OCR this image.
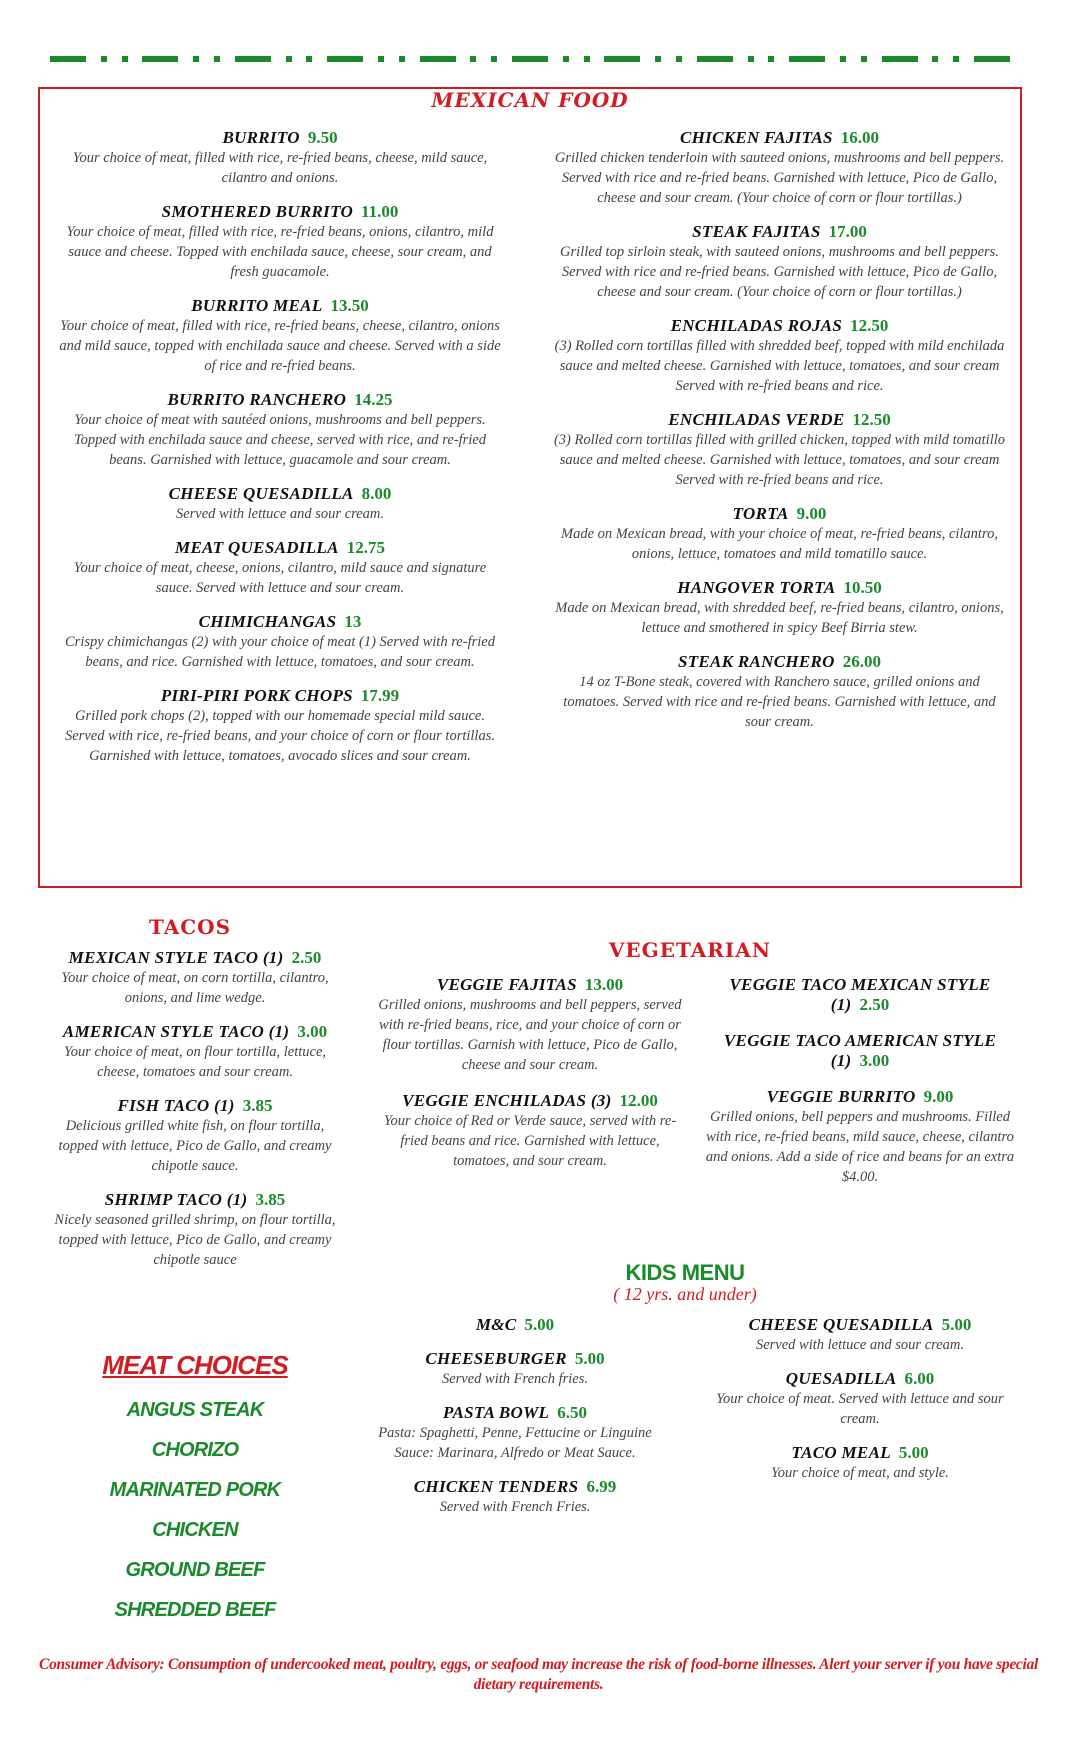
MEXICAN FOOD
BURRITO 9.50
Your choice of meat, filled with rice, re-fried beans, cheese, mild sauce, cilantro and onions.
SMOTHERED BURRITO 11.00
Your choice of meat, filled with rice, re-fried beans, onions, cilantro, mild sauce and cheese. Topped with enchilada sauce, cheese, sour cream, and fresh guacamole.
BURRITO MEAL 13.50
Your choice of meat, filled with rice, re-fried beans, cheese, cilantro, onions and mild sauce, topped with enchilada sauce and cheese. Served with a side of rice and re-fried beans.
BURRITO RANCHERO 14.25
Your choice of meat with sautéed onions, mushrooms and bell peppers. Topped with enchilada sauce and cheese, served with rice, and re-fried beans. Garnished with lettuce, guacamole and sour cream.
CHEESE QUESADILLA 8.00
Served with lettuce and sour cream.
MEAT QUESADILLA 12.75
Your choice of meat, cheese, onions, cilantro, mild sauce and signature sauce. Served with lettuce and sour cream.
CHIMICHANGAS 13
Crispy chimichangas (2) with your choice of meat (1) Served with re-fried beans, and rice. Garnished with lettuce, tomatoes, and sour cream.
PIRI-PIRI PORK CHOPS 17.99
Grilled pork chops (2), topped with our homemade special mild sauce. Served with rice, re-fried beans, and your choice of corn or flour tortillas. Garnished with lettuce, tomatoes, avocado slices and sour cream.
CHICKEN FAJITAS 16.00
Grilled chicken tenderloin with sauteed onions, mushrooms and bell peppers. Served with rice and re-fried beans. Garnished with lettuce, Pico de Gallo, cheese and sour cream. (Your choice of corn or flour tortillas.)
STEAK FAJITAS 17.00
Grilled top sirloin steak, with sauteed onions, mushrooms and bell peppers. Served with rice and re-fried beans. Garnished with lettuce, Pico de Gallo, cheese and sour cream. (Your choice of corn or flour tortillas.)
ENCHILADAS ROJAS 12.50
(3) Rolled corn tortillas filled with shredded beef, topped with mild enchilada sauce and melted cheese. Garnished with lettuce, tomatoes, and sour cream Served with re-fried beans and rice.
ENCHILADAS VERDE 12.50
(3) Rolled corn tortillas filled with grilled chicken, topped with mild tomatillo sauce and melted cheese. Garnished with lettuce, tomatoes, and sour cream Served with re-fried beans and rice.
TORTA 9.00
Made on Mexican bread, with your choice of meat, re-fried beans, cilantro, onions, lettuce, tomatoes and mild tomatillo sauce.
HANGOVER TORTA 10.50
Made on Mexican bread, with shredded beef, re-fried beans, cilantro, onions, lettuce and smothered in spicy Beef Birria stew.
STEAK RANCHERO 26.00
14 oz T-Bone steak, covered with Ranchero sauce, grilled onions and tomatoes. Served with rice and re-fried beans. Garnished with lettuce, and sour cream.
TACOS
MEXICAN STYLE TACO (1) 2.50
Your choice of meat, on corn tortilla, cilantro, onions, and lime wedge.
AMERICAN STYLE TACO (1) 3.00
Your choice of meat, on flour tortilla, lettuce, cheese, tomatoes and sour cream.
FISH TACO (1) 3.85
Delicious grilled white fish, on flour tortilla, topped with lettuce, Pico de Gallo, and creamy chipotle sauce.
SHRIMP TACO (1) 3.85
Nicely seasoned grilled shrimp, on flour tortilla, topped with lettuce, Pico de Gallo, and creamy chipotle sauce
VEGETARIAN
VEGGIE FAJITAS 13.00
Grilled onions, mushrooms and bell peppers, served with re-fried beans, rice, and your choice of corn or flour tortillas. Garnish with lettuce, Pico de Gallo, cheese and sour cream.
VEGGIE ENCHILADAS (3) 12.00
Your choice of Red or Verde sauce, served with re-fried beans and rice. Garnished with lettuce, tomatoes, and sour cream.
VEGGIE TACO MEXICAN STYLE (1) 2.50
VEGGIE TACO AMERICAN STYLE (1) 3.00
VEGGIE BURRITO 9.00
Grilled onions, bell peppers and mushrooms. Filled with rice, re-fried beans, mild sauce, cheese, cilantro and onions. Add a side of rice and beans for an extra $4.00.
KIDS MENU
( 12 yrs. and under)
M&C 5.00
CHEESEBURGER 5.00
Served with French fries.
PASTA BOWL 6.50
Pasta: Spaghetti, Penne, Fettucine or Linguine
Sauce: Marinara, Alfredo or Meat Sauce.
CHICKEN TENDERS 6.99
Served with French Fries.
CHEESE QUESADILLA 5.00
Served with lettuce and sour cream.
QUESADILLA 6.00
Your choice of meat. Served with lettuce and sour cream.
TACO MEAL 5.00
Your choice of meat, and style.
MEAT CHOICES
ANGUS STEAK
CHORIZO
MARINATED PORK
CHICKEN
GROUND BEEF
SHREDDED BEEF
Consumer Advisory: Consumption of undercooked meat, poultry, eggs, or seafood may increase the risk of food-borne illnesses. Alert your server if you have special dietary requirements.
